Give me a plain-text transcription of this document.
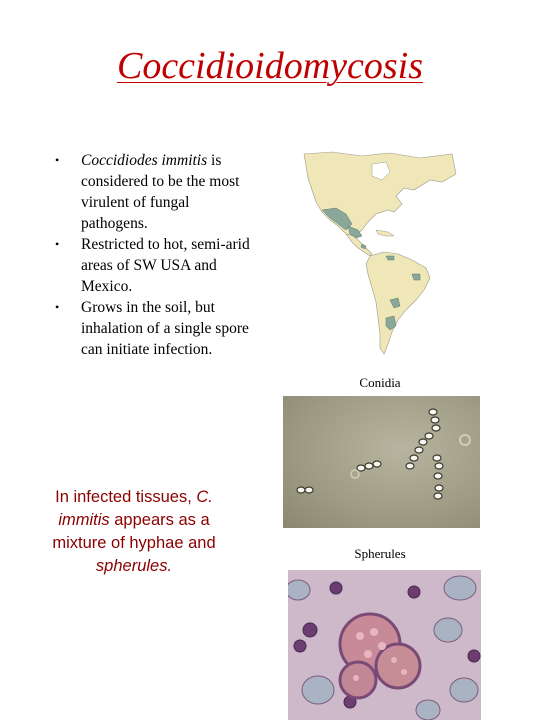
Coccidioidomycosis
• Coccidiodes immitis is considered to be the most virulent of fungal pathogens.
• Restricted to hot, semi-arid areas of SW USA and Mexico.
• Grows in the soil, but inhalation of a single spore can initiate infection.
In infected tissues, C. immitis appears as a mixture of hyphae and spherules.
Conidia
Spherules
